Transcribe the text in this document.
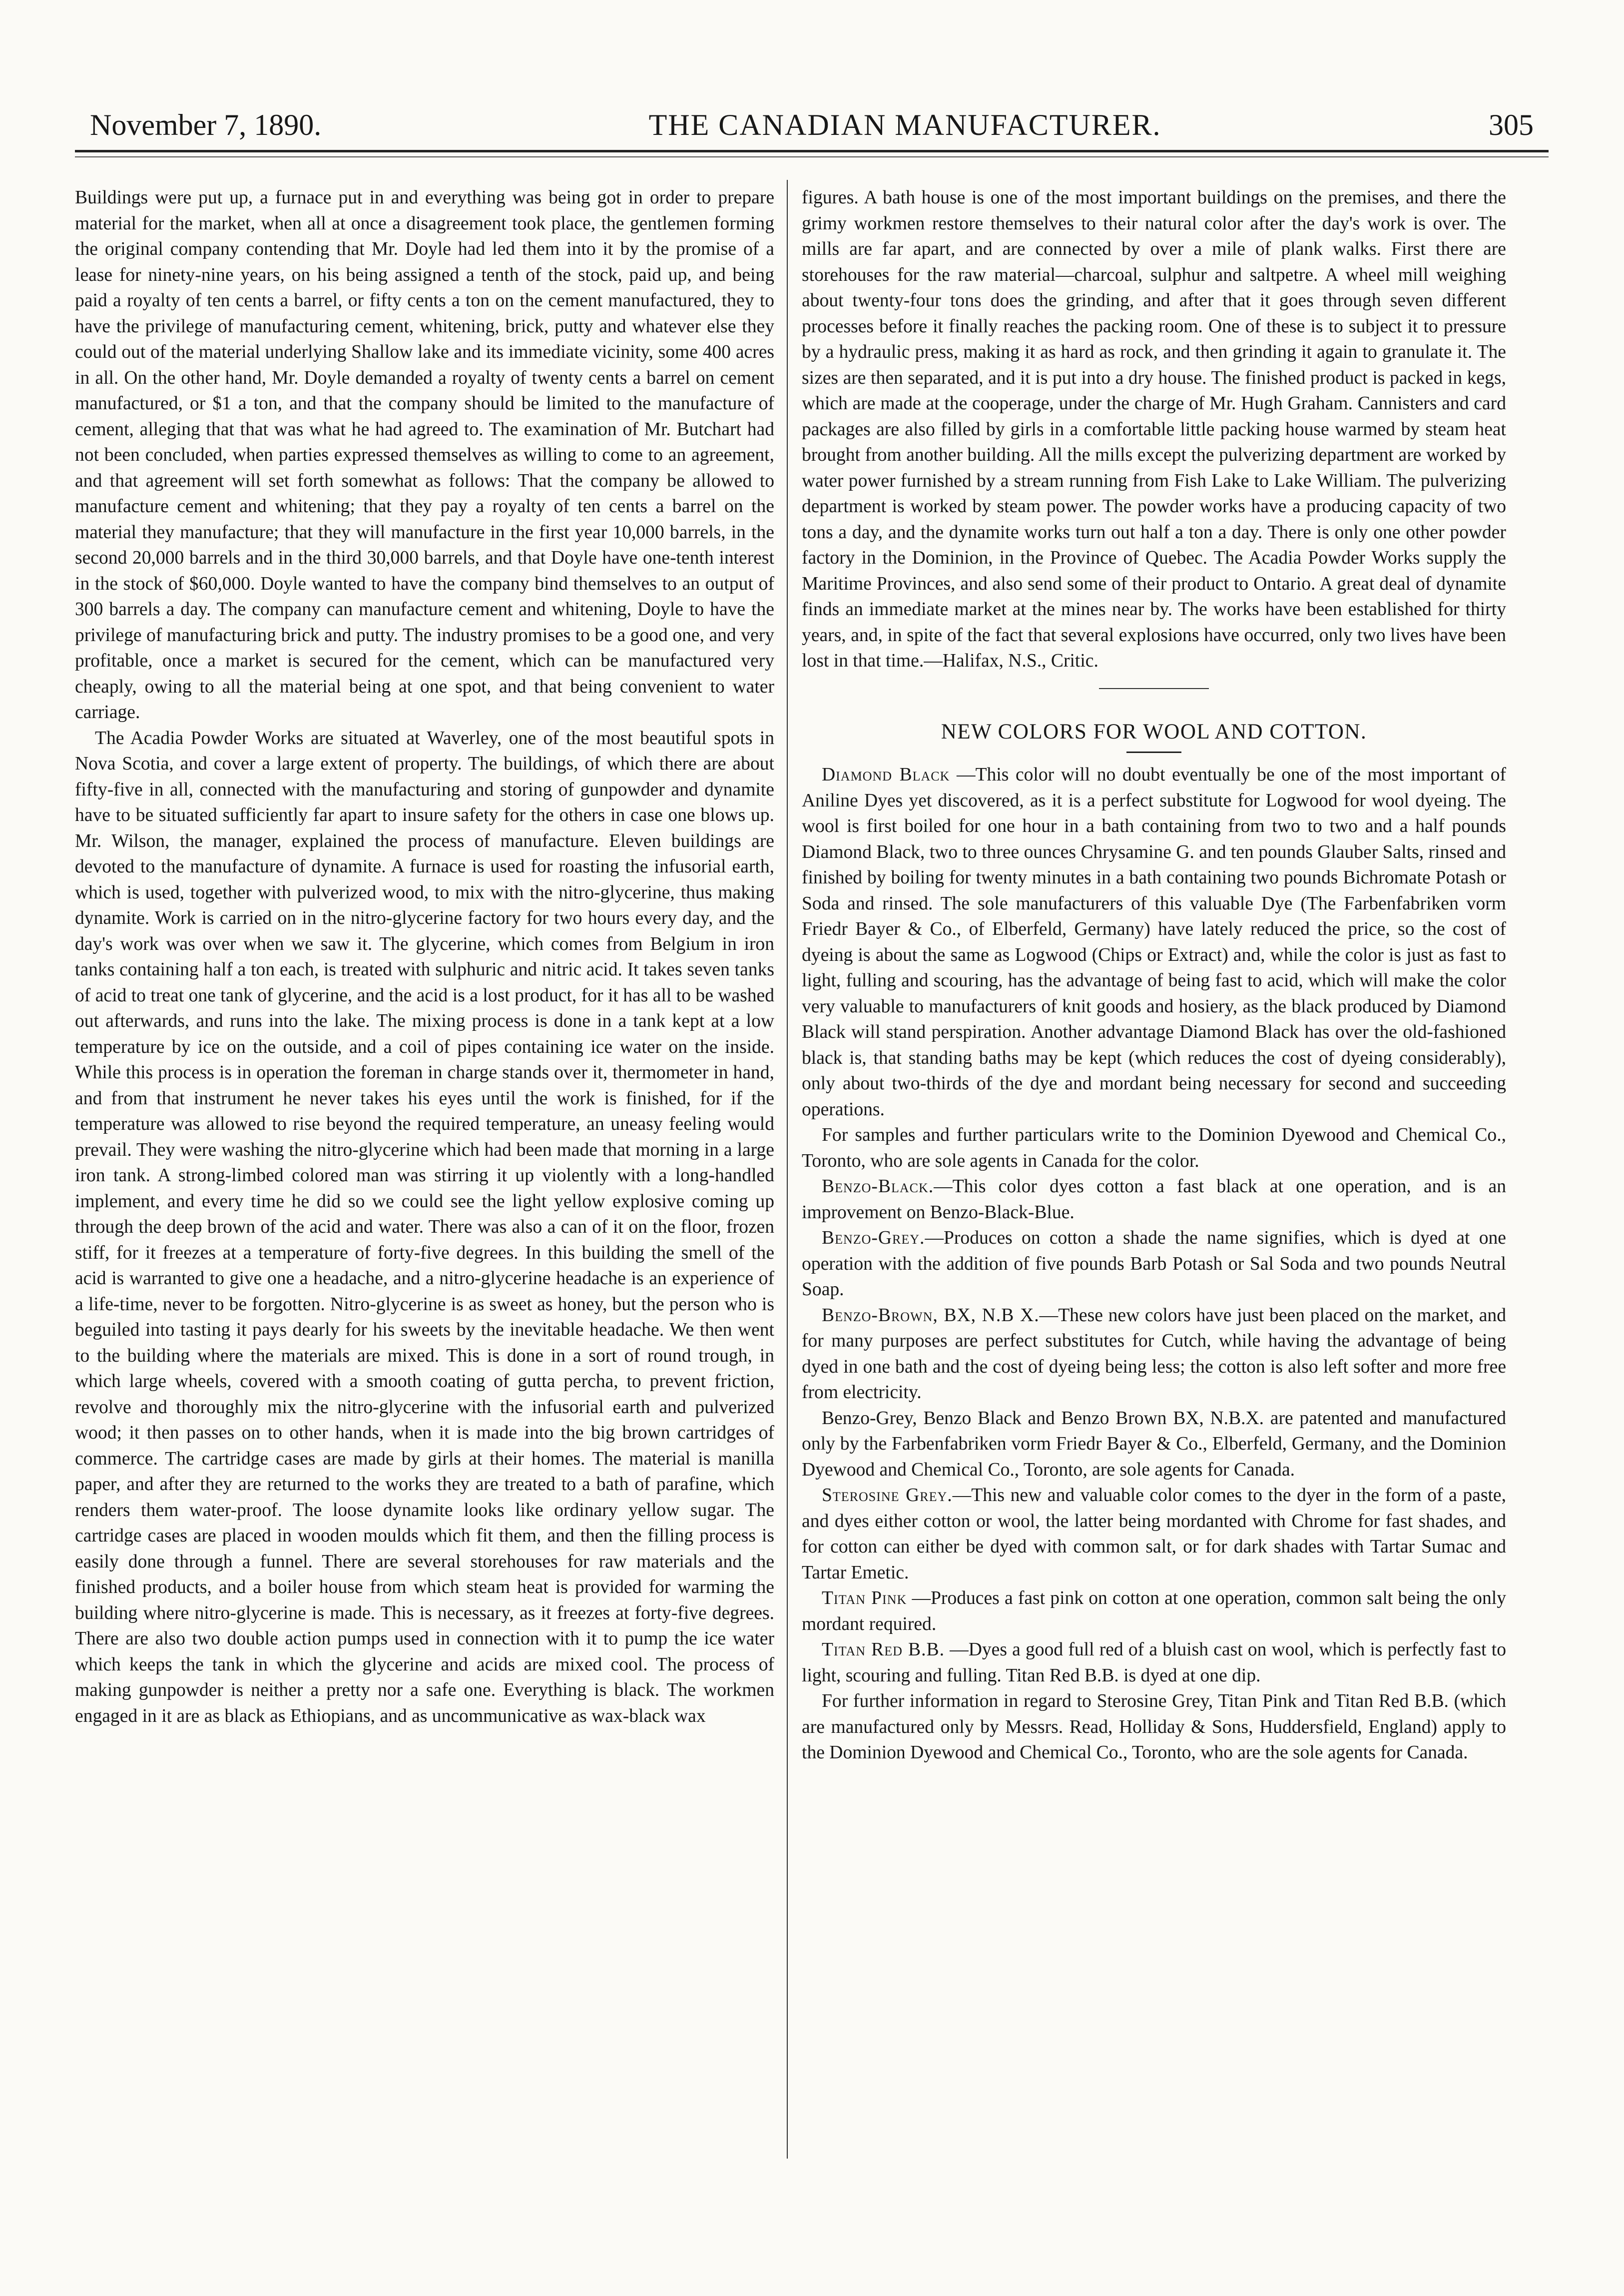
November 7, 1890.	THE CANADIAN MANUFACTURER.	305

Buildings were put up, a furnace put in and everything was being got in order to prepare material for the market, when all at once a disagreement took place, the gentlemen forming the original company contending that Mr. Doyle had led them into it by the promise of a lease for ninety-nine years, on his being assigned a tenth of the stock, paid up, and being paid a royalty of ten cents a barrel, or fifty cents a ton on the cement manufactured, they to have the privilege of manufacturing cement, whitening, brick, putty and whatever else they could out of the material underlying Shallow lake and its immediate vicinity, some 400 acres in all. On the other hand, Mr. Doyle demanded a royalty of twenty cents a barrel on cement manufactured, or $1 a ton, and that the company should be limited to the manufacture of cement, alleging that that was what he had agreed to. The examination of Mr. Butchart had not been concluded, when parties expressed themselves as willing to come to an agreement, and that agreement will set forth somewhat as follows: That the company be allowed to manufacture cement and whitening; that they pay a royalty of ten cents a barrel on the material they manufacture; that they will manufacture in the first year 10,000 barrels, in the second 20,000 barrels and in the third 30,000 barrels, and that Doyle have one-tenth interest in the stock of $60,000. Doyle wanted to have the company bind themselves to an output of 300 barrels a day. The company can manufacture cement and whitening, Doyle to have the privilege of manufacturing brick and putty. The industry promises to be a good one, and very profitable, once a market is secured for the cement, which can be manufactured very cheaply, owing to all the material being at one spot, and that being convenient to water carriage.

The Acadia Powder Works are situated at Waverley, one of the most beautiful spots in Nova Scotia, and cover a large extent of property. The buildings, of which there are about fifty-five in all, connected with the manufacturing and storing of gunpowder and dynamite have to be situated sufficiently far apart to insure safety for the others in case one blows up. Mr. Wilson, the manager, explained the process of manufacture. Eleven buildings are devoted to the manufacture of dynamite. A furnace is used for roasting the infusorial earth, which is used, together with pulverized wood, to mix with the nitro-glycerine, thus making dynamite. Work is carried on in the nitro-glycerine factory for two hours every day, and the day's work was over when we saw it. The glycerine, which comes from Belgium in iron tanks containing half a ton each, is treated with sulphuric and nitric acid. It takes seven tanks of acid to treat one tank of glycerine, and the acid is a lost product, for it has all to be washed out afterwards, and runs into the lake. The mixing process is done in a tank kept at a low temperature by ice on the outside, and a coil of pipes containing ice water on the inside. While this process is in operation the foreman in charge stands over it, thermometer in hand, and from that instrument he never takes his eyes until the work is finished, for if the temperature was allowed to rise beyond the required temperature, an uneasy feeling would prevail. They were washing the nitro-glycerine which had been made that morning in a large iron tank. A strong-limbed colored man was stirring it up violently with a long-handled implement, and every time he did so we could see the light yellow explosive coming up through the deep brown of the acid and water. There was also a can of it on the floor, frozen stiff, for it freezes at a temperature of forty-five degrees. In this building the smell of the acid is warranted to give one a headache, and a nitro-glycerine headache is an experience of a life-time, never to be forgotten. Nitro-glycerine is as sweet as honey, but the person who is beguiled into tasting it pays dearly for his sweets by the inevitable headache. We then went to the building where the materials are mixed. This is done in a sort of round trough, in which large wheels, covered with a smooth coating of gutta percha, to prevent friction, revolve and thoroughly mix the nitro-glycerine with the infusorial earth and pulverized wood; it then passes on to other hands, when it is made into the big brown cartridges of commerce. The cartridge cases are made by girls at their homes. The material is manilla paper, and after they are returned to the works they are treated to a bath of parafine, which renders them water-proof. The loose dynamite looks like ordinary yellow sugar. The cartridge cases are placed in wooden moulds which fit them, and then the filling process is easily done through a funnel. There are several storehouses for raw materials and the finished products, and a boiler house from which steam heat is provided for warming the building where nitro-glycerine is made. This is necessary, as it freezes at forty-five degrees. There are also two double action pumps used in connection with it to pump the ice water which keeps the tank in which the glycerine and acids are mixed cool. The process of making gunpowder is neither a pretty nor a safe one. Everything is black. The workmen engaged in it are as black as Ethiopians, and as uncommunicative as wax-black wax

figures. A bath house is one of the most important buildings on the premises, and there the grimy workmen restore themselves to their natural color after the day's work is over. The mills are far apart, and are connected by over a mile of plank walks. First there are storehouses for the raw material—charcoal, sulphur and saltpetre. A wheel mill weighing about twenty-four tons does the grinding, and after that it goes through seven different processes before it finally reaches the packing room. One of these is to subject it to pressure by a hydraulic press, making it as hard as rock, and then grinding it again to granulate it. The sizes are then separated, and it is put into a dry house. The finished product is packed in kegs, which are made at the cooperage, under the charge of Mr. Hugh Graham. Cannisters and card packages are also filled by girls in a comfortable little packing house warmed by steam heat brought from another building. All the mills except the pulverizing department are worked by water power furnished by a stream running from Fish Lake to Lake William. The pulverizing department is worked by steam power. The powder works have a producing capacity of two tons a day, and the dynamite works turn out half a ton a day. There is only one other powder factory in the Dominion, in the Province of Quebec. The Acadia Powder Works supply the Maritime Provinces, and also send some of their product to Ontario. A great deal of dynamite finds an immediate market at the mines near by. The works have been established for thirty years, and, in spite of the fact that several explosions have occurred, only two lives have been lost in that time.—Halifax, N.S., Critic.

NEW COLORS FOR WOOL AND COTTON.

Diamond Black —This color will no doubt eventually be one of the most important of Aniline Dyes yet discovered, as it is a perfect substitute for Logwood for wool dyeing. The wool is first boiled for one hour in a bath containing from two to two and a half pounds Diamond Black, two to three ounces Chrysamine G. and ten pounds Glauber Salts, rinsed and finished by boiling for twenty minutes in a bath containing two pounds Bichromate Potash or Soda and rinsed. The sole manufacturers of this valuable Dye (The Farbenfabriken vorm Friedr Bayer & Co., of Elberfeld, Germany) have lately reduced the price, so the cost of dyeing is about the same as Logwood (Chips or Extract) and, while the color is just as fast to light, fulling and scouring, has the advantage of being fast to acid, which will make the color very valuable to manufacturers of knit goods and hosiery, as the black produced by Diamond Black will stand perspiration. Another advantage Diamond Black has over the old-fashioned black is, that standing baths may be kept (which reduces the cost of dyeing considerably), only about two-thirds of the dye and mordant being necessary for second and succeeding operations.

For samples and further particulars write to the Dominion Dyewood and Chemical Co., Toronto, who are sole agents in Canada for the color.

Benzo-Black.—This color dyes cotton a fast black at one operation, and is an improvement on Benzo-Black-Blue.

Benzo-Grey.—Produces on cotton a shade the name signifies, which is dyed at one operation with the addition of five pounds Barb Potash or Sal Soda and two pounds Neutral Soap.

Benzo-Brown, BX, N.B X.—These new colors have just been placed on the market, and for many purposes are perfect substitutes for Cutch, while having the advantage of being dyed in one bath and the cost of dyeing being less; the cotton is also left softer and more free from electricity.

Benzo-Grey, Benzo Black and Benzo Brown BX, N.B.X. are patented and manufactured only by the Farbenfabriken vorm Friedr Bayer & Co., Elberfeld, Germany, and the Dominion Dyewood and Chemical Co., Toronto, are sole agents for Canada.

Sterosine Grey.—This new and valuable color comes to the dyer in the form of a paste, and dyes either cotton or wool, the latter being mordanted with Chrome for fast shades, and for cotton can either be dyed with common salt, or for dark shades with Tartar Sumac and Tartar Emetic.

Titan Pink —Produces a fast pink on cotton at one operation, common salt being the only mordant required.

Titan Red B.B. —Dyes a good full red of a bluish cast on wool, which is perfectly fast to light, scouring and fulling. Titan Red B.B. is dyed at one dip.

For further information in regard to Sterosine Grey, Titan Pink and Titan Red B.B. (which are manufactured only by Messrs. Read, Holliday & Sons, Huddersfield, England) apply to the Dominion Dyewood and Chemical Co., Toronto, who are the sole agents for Canada.
